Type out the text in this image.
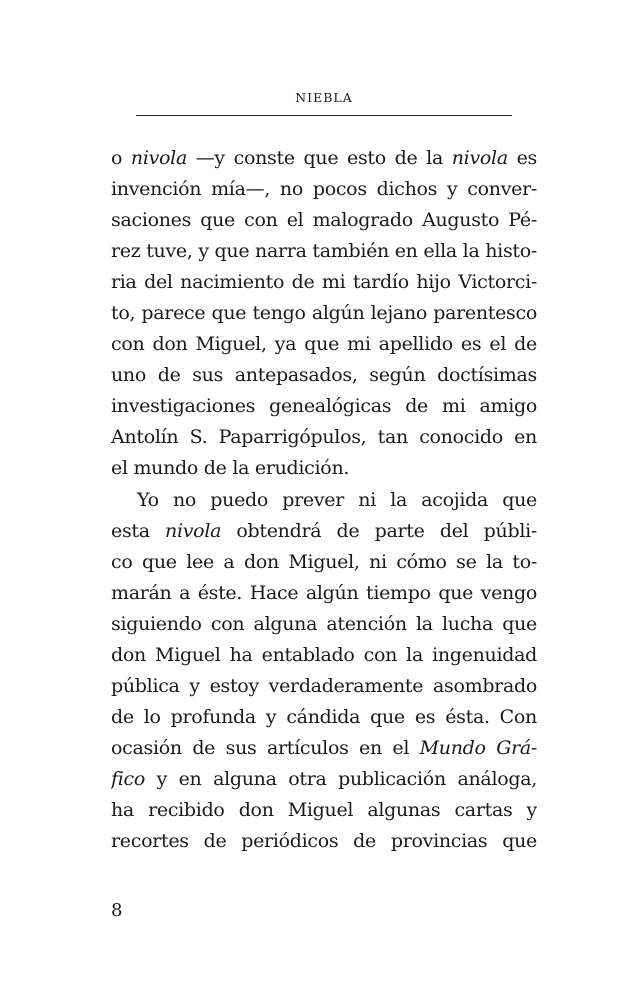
NIEBLA
o nivola —y conste que esto de la nivola es
invención mía—, no pocos dichos y conver-
saciones que con el malogrado Augusto Pé-
rez tuve, y que narra también en ella la histo-
ria del nacimiento de mi tardío hijo Victorci-
to, parece que tengo algún lejano parentesco
con don Miguel, ya que mi apellido es el de
uno de sus antepasados, según doctísimas
investigaciones genealógicas de mi amigo
Antolín S. Paparrigópulos, tan conocido en
el mundo de la erudición.
Yo no puedo prever ni la acojida que
esta nivola obtendrá de parte del públi-
co que lee a don Miguel, ni cómo se la to-
marán a éste. Hace algún tiempo que vengo
siguiendo con alguna atención la lucha que
don Miguel ha entablado con la ingenuidad
pública y estoy verdaderamente asombrado
de lo profunda y cándida que es ésta. Con
ocasión de sus artículos en el Mundo Grá-
fico y en alguna otra publicación análoga,
ha recibido don Miguel algunas cartas y
recortes de periódicos de provincias que
8
